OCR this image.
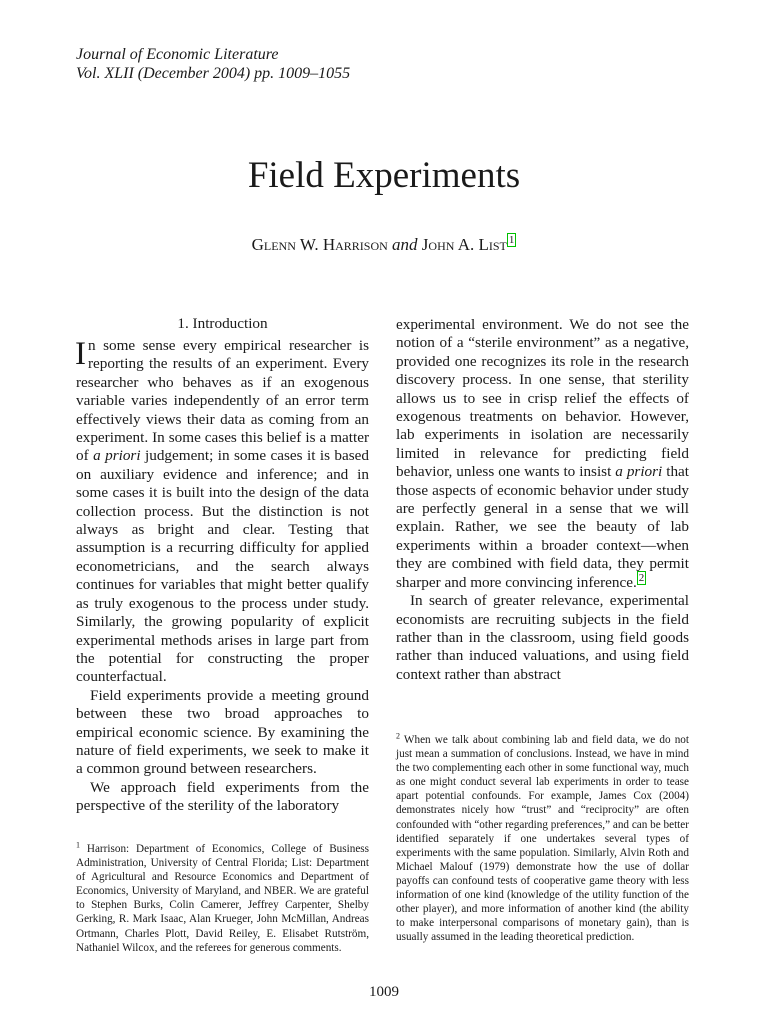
Journal of Economic Literature
Vol. XLII (December 2004) pp. 1009–1055
Field Experiments
Glenn W. Harrison and John A. List $^1$
1. Introduction

In some sense every empirical researcher is reporting the results of an experiment. Every researcher who behaves as if an exogenous variable varies independently of an error term effectively views their data as coming from an experiment. In some cases this belief is a matter of a priori judgement; in some cases it is based on auxiliary evidence and inference; and in some cases it is built into the design of the data collection process. But the distinction is not always as bright and clear. Testing that assumption is a recurring difficulty for applied econometricians, and the search always continues for variables that might better qualify as truly exogenous to the process under study. Similarly, the growing popularity of explicit experimental methods arises in large part from the potential for constructing the proper counterfactual.

Field experiments provide a meeting ground between these two broad approaches to empirical economic science. By examining the nature of field experiments, we seek to make it a common ground between researchers.

We approach field experiments from the perspective of the sterility of the laboratory

experimental environment. We do not see the notion of a “sterile environment” as a negative, provided one recognizes its role in the research discovery process. In one sense, that sterility allows us to see in crisp relief the effects of exogenous treatments on behavior. However, lab experiments in isolation are necessarily limited in relevance for predicting field behavior, unless one wants to insist a priori that those aspects of economic behavior under study are perfectly general in a sense that we will explain. Rather, we see the beauty of lab experiments within a broader context—when they are combined with field data, they permit sharper and more convincing inference. $^2$

In search of greater relevance, experimental economists are recruiting subjects in the field rather than in the classroom, using field goods rather than induced valuations, and using field context rather than abstract

$^1$ Harrison: Department of Economics, College of Business Administration, University of Central Florida; List: Department of Agricultural and Resource Economics and Department of Economics, University of Maryland, and NBER. We are grateful to Stephen Burks, Colin Camerer, Jeffrey Carpenter, Shelby Gerking, R. Mark Isaac, Alan Krueger, John McMillan, Andreas Ortmann, Charles Plott, David Reiley, E. Elisabet Rutström, Nathaniel Wilcox, and the referees for generous comments.
$^2$ When we talk about combining lab and field data, we do not just mean a summation of conclusions. Instead, we have in mind the two complementing each other in some functional way, much as one might conduct several lab experiments in order to tease apart potential confounds. For example, James Cox (2004) demonstrates nicely how “trust” and “reciprocity” are often confounded with “other regarding preferences,” and can be better identified separately if one undertakes several types of experiments with the same population. Similarly, Alvin Roth and Michael Malouf (1979) demonstrate how the use of dollar payoffs can confound tests of cooperative game theory with less information of one kind (knowledge of the utility function of the other player), and more information of another kind (the ability to make interpersonal comparisons of monetary gain), than is usually assumed in the leading theoretical prediction.
1009
